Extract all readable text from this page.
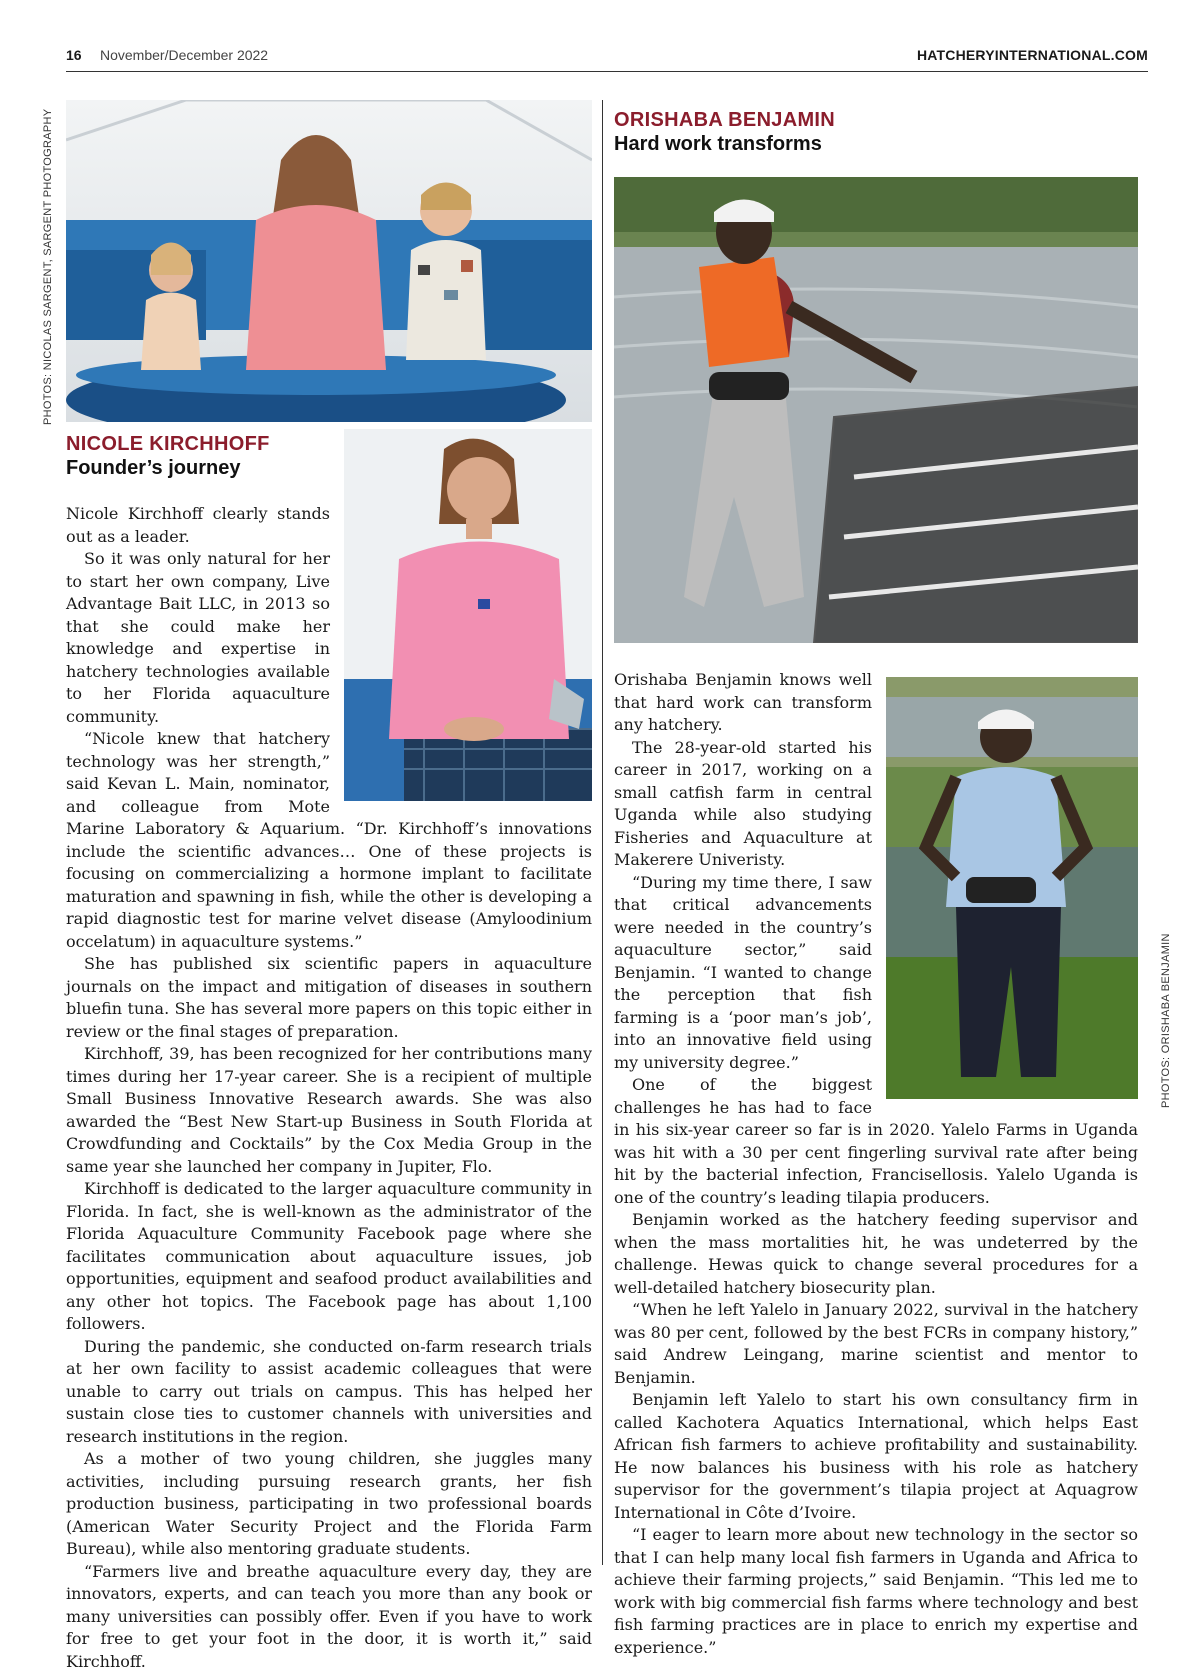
16 November/December 2022	HATCHERYINTERNATIONAL.COM
PHOTOS: NICOLAS SARGENT, SARGENT PHOTOGRAPHY
PHOTOS: ORISHABA BENJAMIN
NICOLE KIRCHHOFF
Founder’s journey

Nicole Kirchhoff clearly stands out as a leader.

So it was only natural for her to start her own company, Live Advantage Bait LLC, in 2013 so that she could make her knowledge and expertise in hatchery technologies available to her Florida aquaculture community.

“Nicole knew that hatchery technology was her strength,” said Kevan L. Main, nominator, and colleague from Mote Marine Laboratory & Aquarium. “Dr. Kirchhoff’s innovations include the scientific advances… One of these projects is focusing on commercializing a hormone implant to facilitate maturation and spawning in fish, while the other is developing a rapid diagnostic test for marine velvet disease (Amyloodinium occelatum) in aquaculture systems.”

She has published six scientific papers in aquaculture journals on the impact and mitigation of diseases in southern bluefin tuna. She has several more papers on this topic either in review or the final stages of preparation.

Kirchhoff, 39, has been recognized for her contributions many times during her 17-year career. She is a recipient of multiple Small Business Innovative Research awards. She was also awarded the “Best New Start-up Business in South Florida at Crowdfunding and Cocktails” by the Cox Media Group in the same year she launched her company in Jupiter, Flo.

Kirchhoff is dedicated to the larger aquaculture community in Florida. In fact, she is well-known as the administrator of the Florida Aquaculture Community Facebook page where she facilitates communication about aquaculture issues, job opportunities, equipment and seafood product availabilities and any other hot topics. The Facebook page has about 1,100 followers.

During the pandemic, she conducted on-farm research trials at her own facility to assist academic colleagues that were unable to carry out trials on campus. This has helped her sustain close ties to customer channels with universities and research institutions in the region.

As a mother of two young children, she juggles many activities, including pursuing research grants, her fish production business, participating in two professional boards (American Water Security Project and the Florida Farm Bureau), while also mentoring graduate students.

“Farmers live and breathe aquaculture every day, they are innovators, experts, and can teach you more than any book or many universities can possibly offer. Even if you have to work for free to get your foot in the door, it is worth it,” said Kirchhoff.

ORISHABA BENJAMIN
Hard work transforms

Orishaba Benjamin knows well that hard work can transform any hatchery.

The 28-year-old started his career in 2017, working on a small catfish farm in central Uganda while also studying Fisheries and Aquaculture at Makerere Univeristy.

“During my time there, I saw that critical advancements were needed in the country’s aquaculture sector,” said Benjamin. “I wanted to change the perception that fish farming is a ‘poor man’s job’, into an innovative field using my university degree.”

One of the biggest challenges he has had to face in his six-year career so far is in 2020. Yalelo Farms in Uganda was hit with a 30 per cent fingerling survival rate after being hit by the bacterial infection, Francisellosis. Yalelo Uganda is one of the country’s leading tilapia producers.

Benjamin worked as the hatchery feeding supervisor and when the mass mortalities hit, he was undeterred by the challenge. Hewas quick to change several procedures for a well-detailed hatchery biosecurity plan.

“When he left Yalelo in January 2022, survival in the hatchery was 80 per cent, followed by the best FCRs in company history,” said Andrew Leingang, marine scientist and mentor to Benjamin.

Benjamin left Yalelo to start his own consultancy firm in called Kachotera Aquatics International, which helps East African fish farmers to achieve profitability and sustainability. He now balances his business with his role as hatchery supervisor for the government’s tilapia project at Aquagrow International in Côte d’Ivoire.

“I eager to learn more about new technology in the sector so that I can help many local fish farmers in Uganda and Africa to achieve their farming projects,” said Benjamin. “This led me to work with big commercial fish farms where technology and best fish farming practices are in place to enrich my expertise and experience.”
